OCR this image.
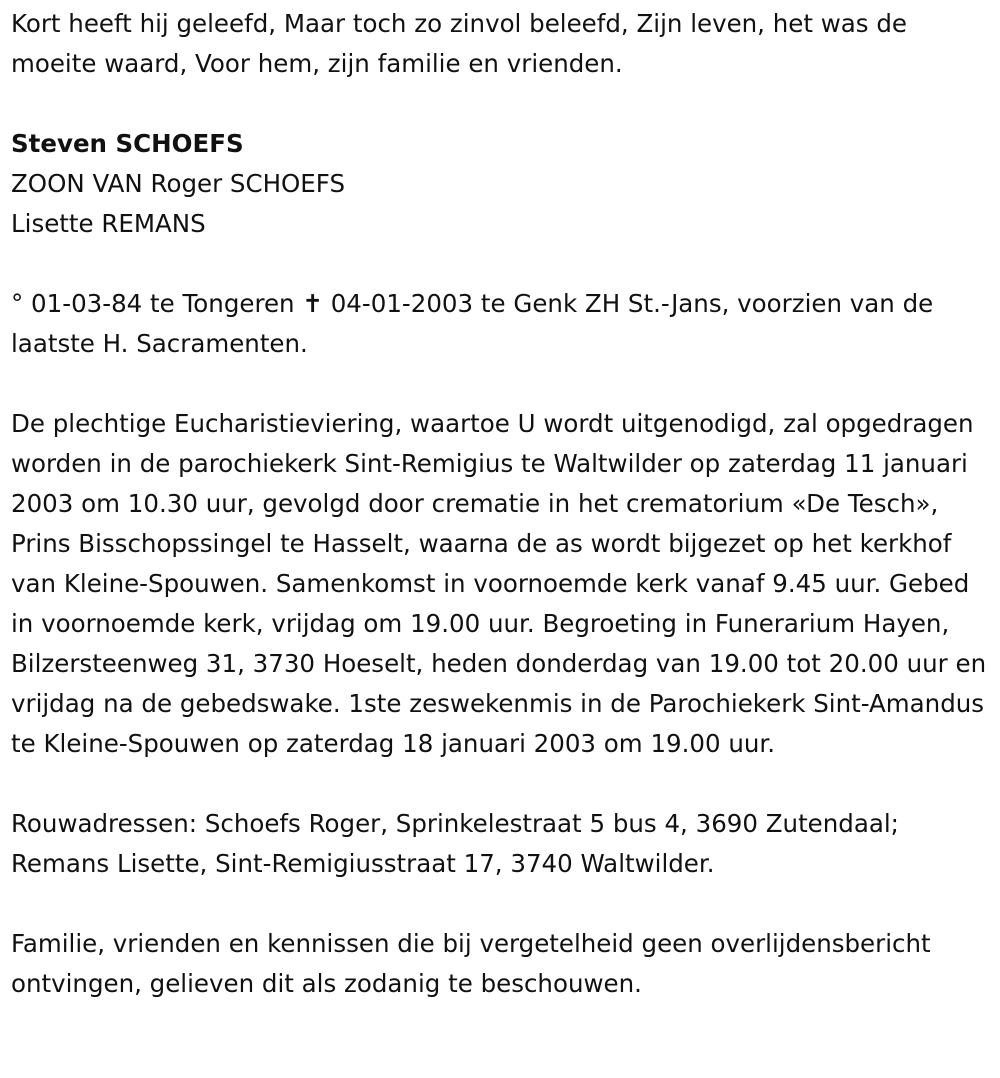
Kort heeft hij geleefd, Maar toch zo zinvol beleefd, Zijn leven, het was de moeite waard, Voor hem, zijn familie en vrienden.

Steven SCHOEFS

ZOON VAN Roger SCHOEFS

Lisette REMANS

° 01-03-84 te Tongeren ✝ 04-01-2003 te Genk ZH St.-Jans, voorzien van de laatste H. Sacramenten.

De plechtige Eucharistieviering, waartoe U wordt uitgenodigd, zal opgedragen worden in de parochiekerk Sint-Remigius te Waltwilder op zaterdag 11 januari 2003 om 10.30 uur, gevolgd door crematie in het crematorium «De Tesch», Prins Bisschopssingel te Hasselt, waarna de as wordt bijgezet op het kerkhof van Kleine-Spouwen. Samenkomst in voornoemde kerk vanaf 9.45 uur. Gebed in voornoemde kerk, vrijdag om 19.00 uur. Begroeting in Funerarium Hayen, Bilzersteenweg 31, 3730 Hoeselt, heden donderdag van 19.00 tot 20.00 uur en vrijdag na de gebedswake. 1ste zeswekenmis in de Parochiekerk Sint-Amandus te Kleine-Spouwen op zaterdag 18 januari 2003 om 19.00 uur.

Rouwadressen: Schoefs Roger, Sprinkelestraat 5 bus 4, 3690 Zutendaal; Remans Lisette, Sint-Remigiusstraat 17, 3740 Waltwilder.

Familie, vrienden en kennissen die bij vergetelheid geen overlijdensbericht ontvingen, gelieven dit als zodanig te beschouwen.
